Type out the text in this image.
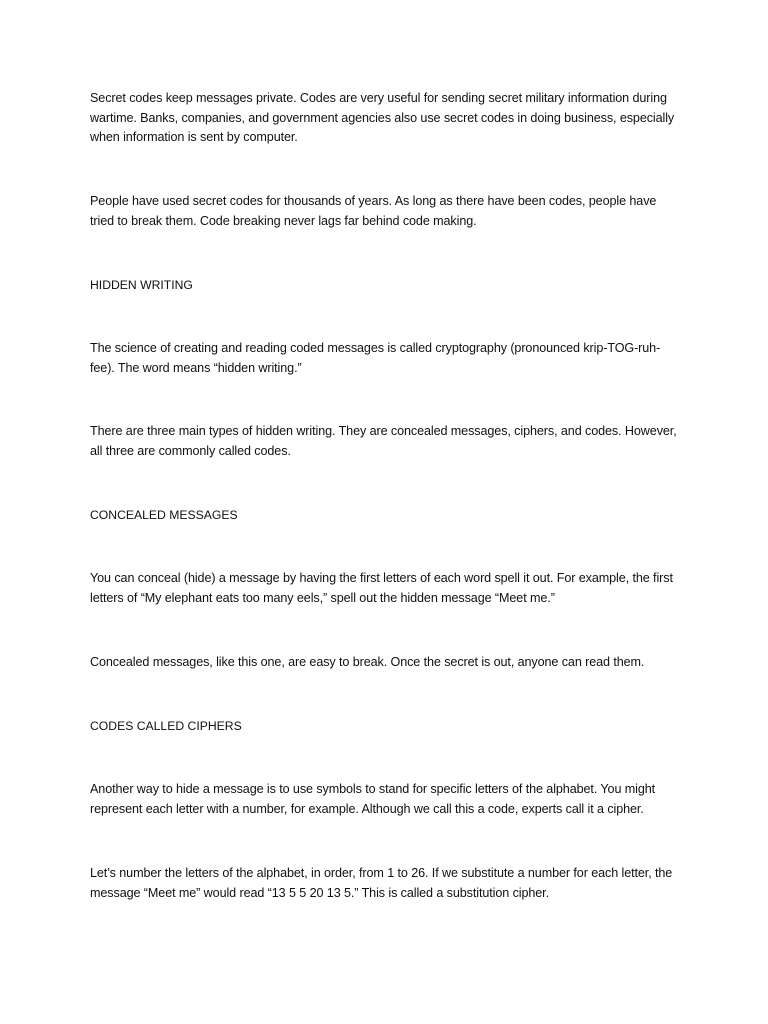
Secret codes keep messages private. Codes are very useful for sending secret military information during wartime. Banks, companies, and government agencies also use secret codes in doing business, especially when information is sent by computer.

People have used secret codes for thousands of years. As long as there have been codes, people have tried to break them. Code breaking never lags far behind code making.

HIDDEN WRITING

The science of creating and reading coded messages is called cryptography (pronounced krip-TOG-ruh-fee). The word means “hidden writing.”

There are three main types of hidden writing. They are concealed messages, ciphers, and codes. However, all three are commonly called codes.

CONCEALED MESSAGES

You can conceal (hide) a message by having the first letters of each word spell it out. For example, the first letters of “My elephant eats too many eels,” spell out the hidden message “Meet me.”

Concealed messages, like this one, are easy to break. Once the secret is out, anyone can read them.

CODES CALLED CIPHERS

Another way to hide a message is to use symbols to stand for specific letters of the alphabet. You might represent each letter with a number, for example. Although we call this a code, experts call it a cipher.

Let’s number the letters of the alphabet, in order, from 1 to 26. If we substitute a number for each letter, the message “Meet me” would read “13 5 5 20 13 5.” This is called a substitution cipher.
